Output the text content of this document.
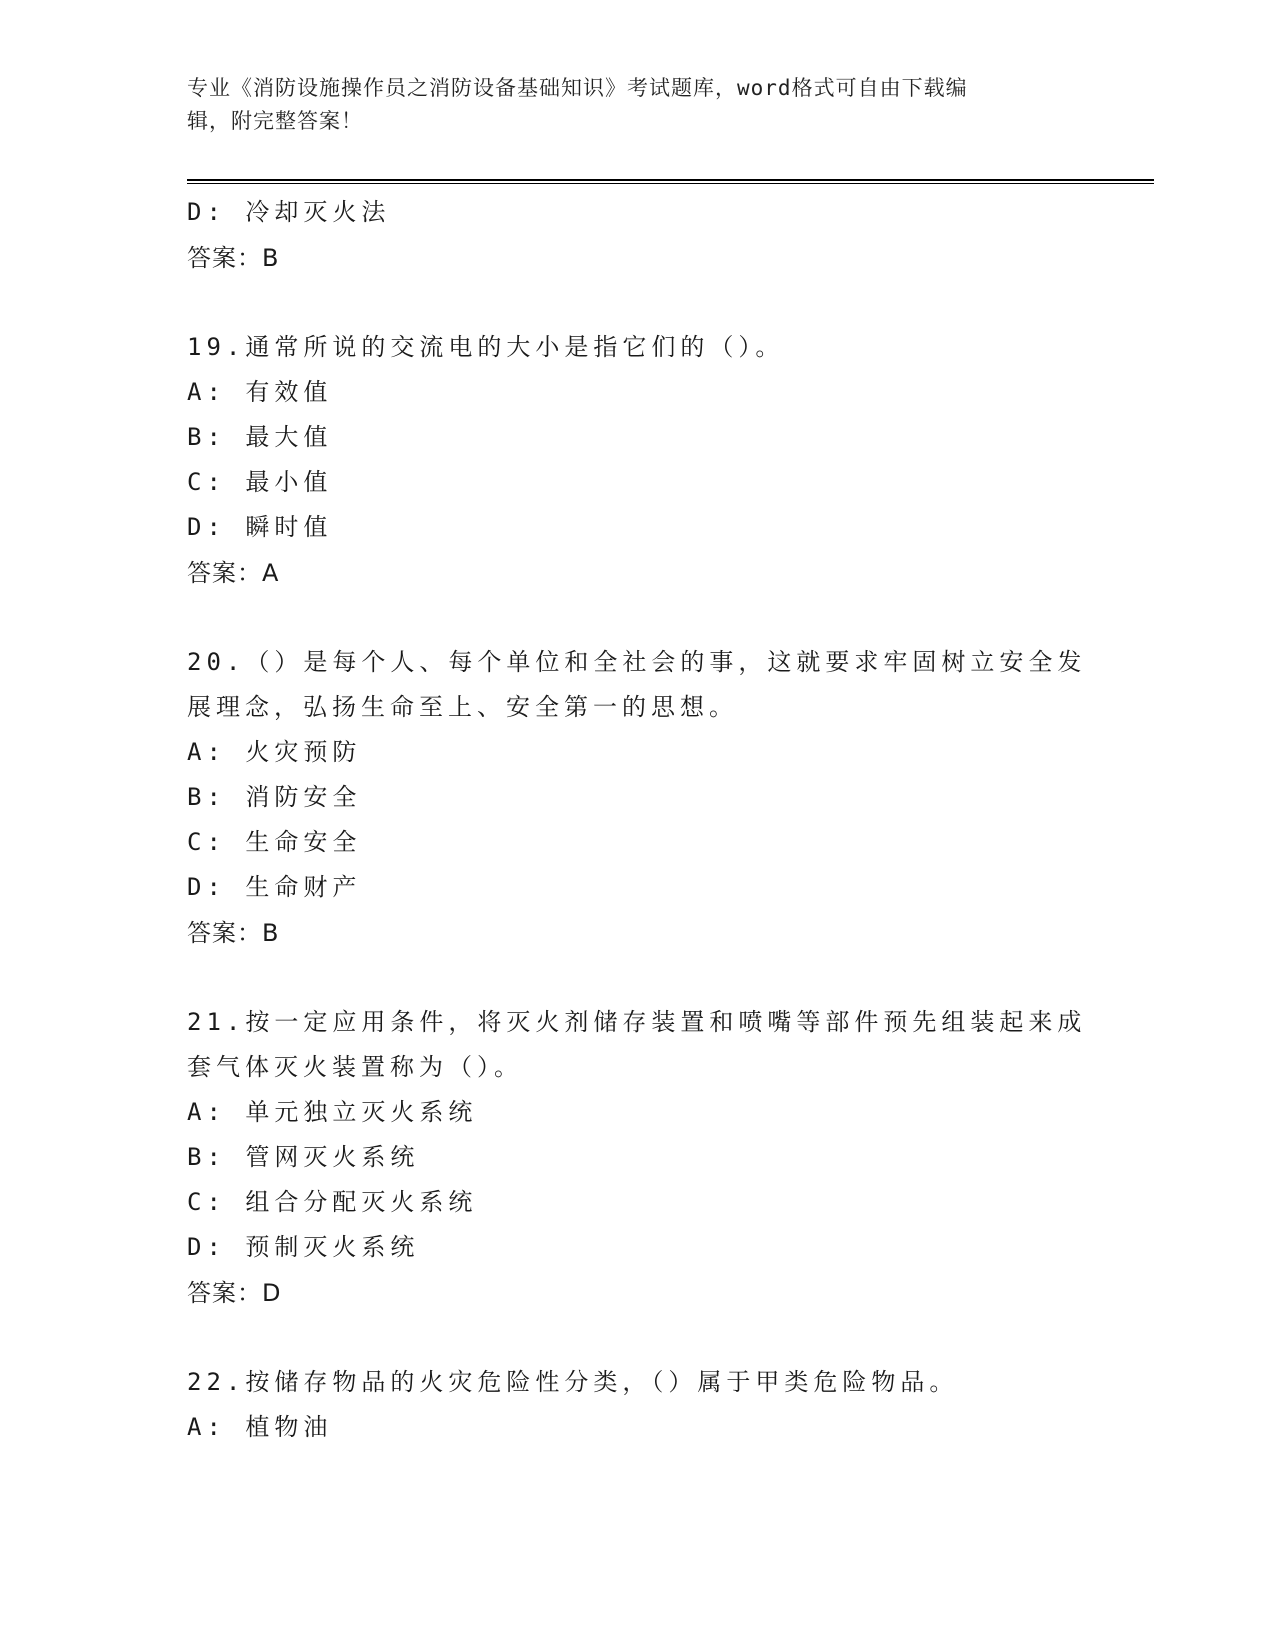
专业《消防设施操作员之消防设备基础知识》考试题库，word格式可自由下载编
辑，附完整答案！
D: 冷却灭火法
答案：B
19.通常所说的交流电的大小是指它们的（）。
A: 有效值
B: 最大值
C: 最小值
D: 瞬时值
答案：A
20.（）是每个人、每个单位和全社会的事，这就要求牢固树立安全发
展理念，弘扬生命至上、安全第一的思想。
A: 火灾预防
B: 消防安全
C: 生命安全
D: 生命财产
答案：B
21.按一定应用条件，将灭火剂储存装置和喷嘴等部件预先组装起来成
套气体灭火装置称为（）。
A: 单元独立灭火系统
B: 管网灭火系统
C: 组合分配灭火系统
D: 预制灭火系统
答案：D
22.按储存物品的火灾危险性分类，（）属于甲类危险物品。
A: 植物油
